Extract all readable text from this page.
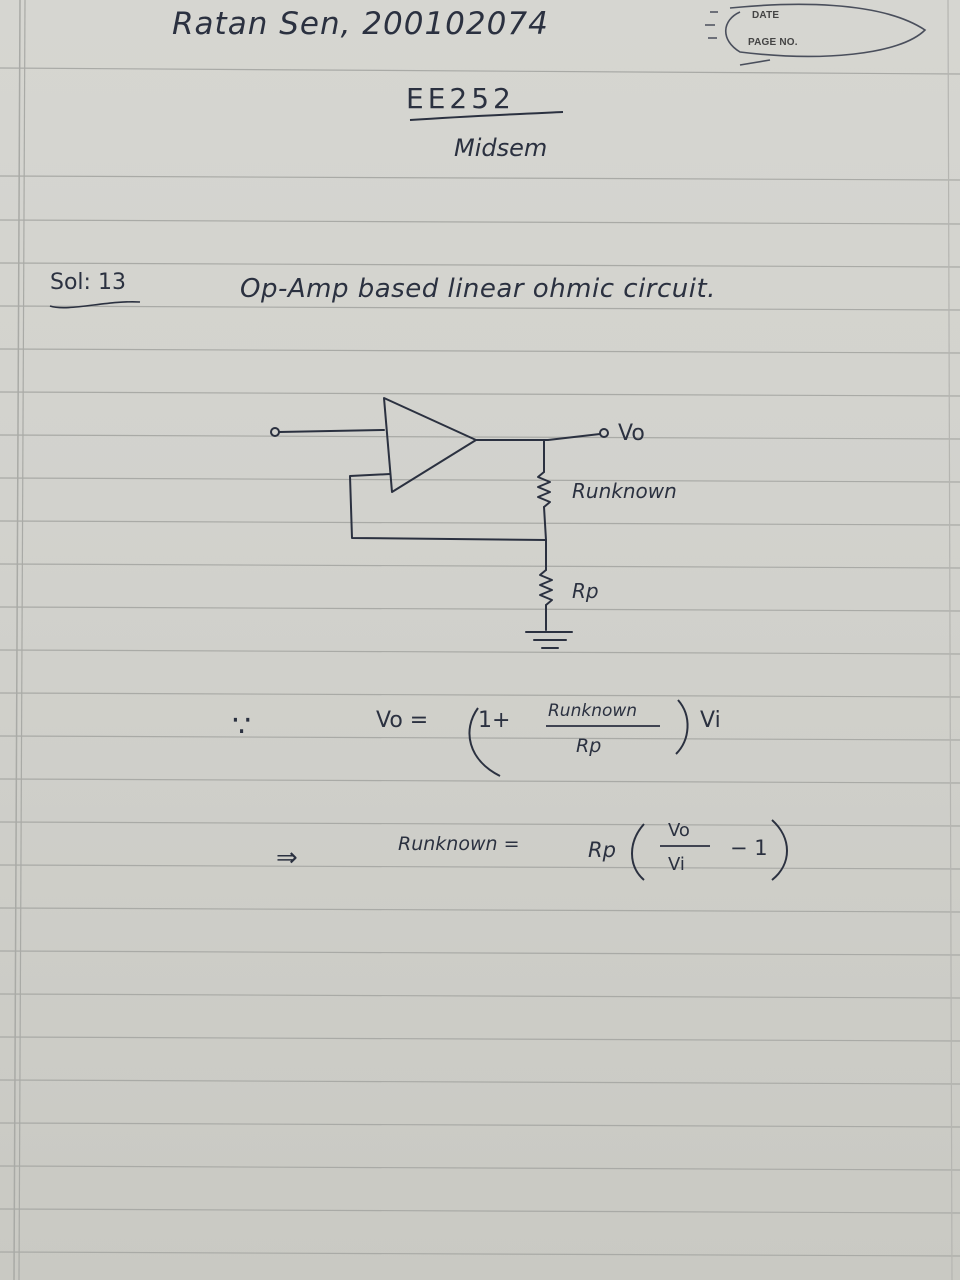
Ratan Sen, 200102074	DATE
PAGE NO.
EE252
Midsem
Sol: 13	Op-Amp based linear ohmic circuit.
Vo
Runknown
Rp
∵	Vo = 1+ Runknown
Rp
Vi
⇒	Runknown =	Rp
Vo
Vi
− 1
